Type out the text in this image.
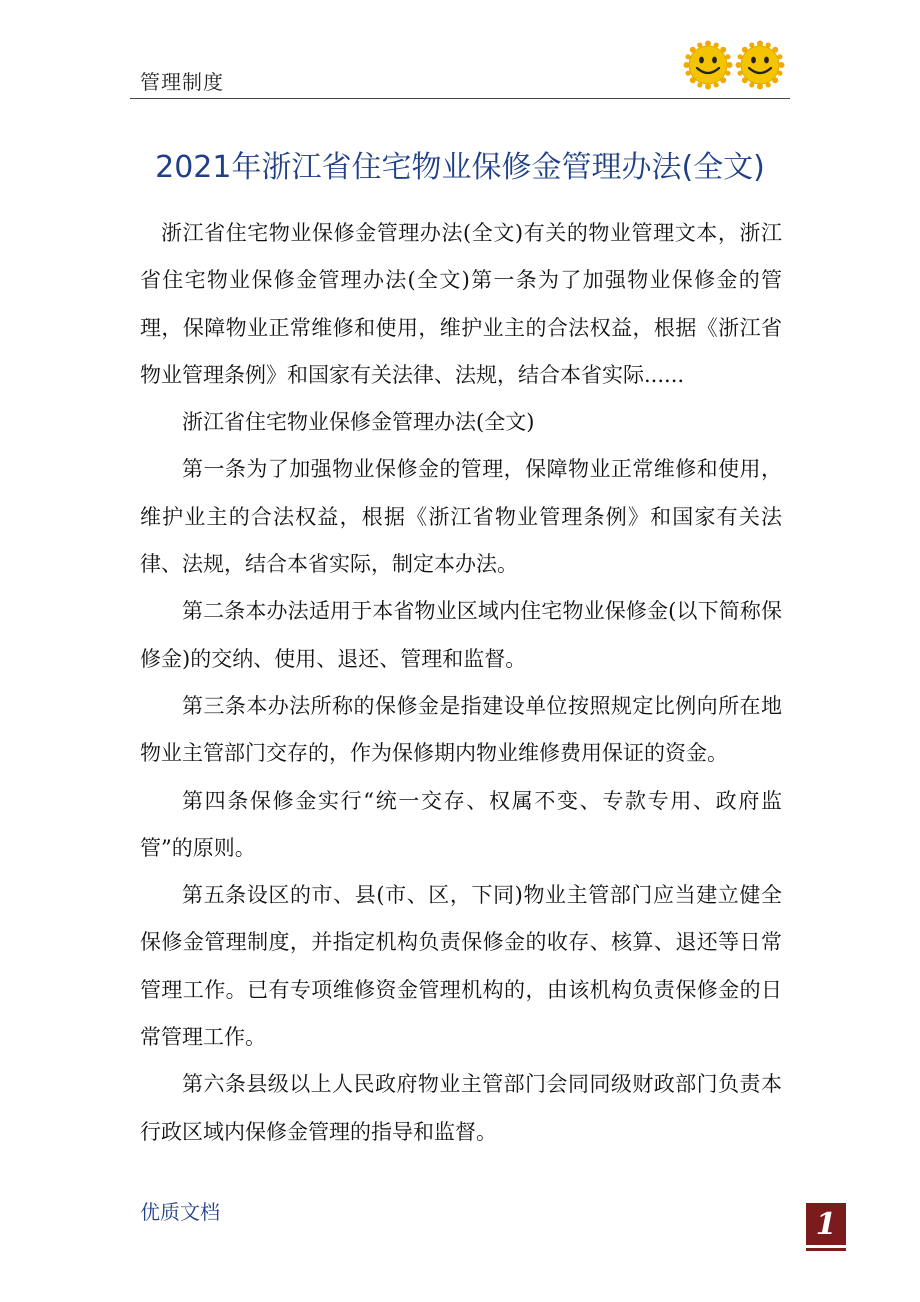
管理制度
2021年浙江省住宅物业保修金管理办法(全文)

浙江省住宅物业保修金管理办法(全文)有关的物业管理文本，浙江省住宅物业保修金管理办法(全文)第一条为了加强物业保修金的管理，保障物业正常维修和使用，维护业主的合法权益，根据《浙江省物业管理条例》和国家有关法律、法规，结合本省实际......

浙江省住宅物业保修金管理办法(全文)

第一条为了加强物业保修金的管理，保障物业正常维修和使用，维护业主的合法权益，根据《浙江省物业管理条例》和国家有关法律、法规，结合本省实际，制定本办法。

第二条本办法适用于本省物业区域内住宅物业保修金(以下简称保修金)的交纳、使用、退还、管理和监督。

第三条本办法所称的保修金是指建设单位按照规定比例向所在地物业主管部门交存的，作为保修期内物业维修费用保证的资金。

第四条保修金实行“统一交存、权属不变、专款专用、政府监管”的原则。

第五条设区的市、县(市、区，下同)物业主管部门应当建立健全保修金管理制度，并指定机构负责保修金的收存、核算、退还等日常管理工作。已有专项维修资金管理机构的，由该机构负责保修金的日常管理工作。

第六条县级以上人民政府物业主管部门会同同级财政部门负责本行政区域内保修金管理的指导和监督。

优质文档	1
